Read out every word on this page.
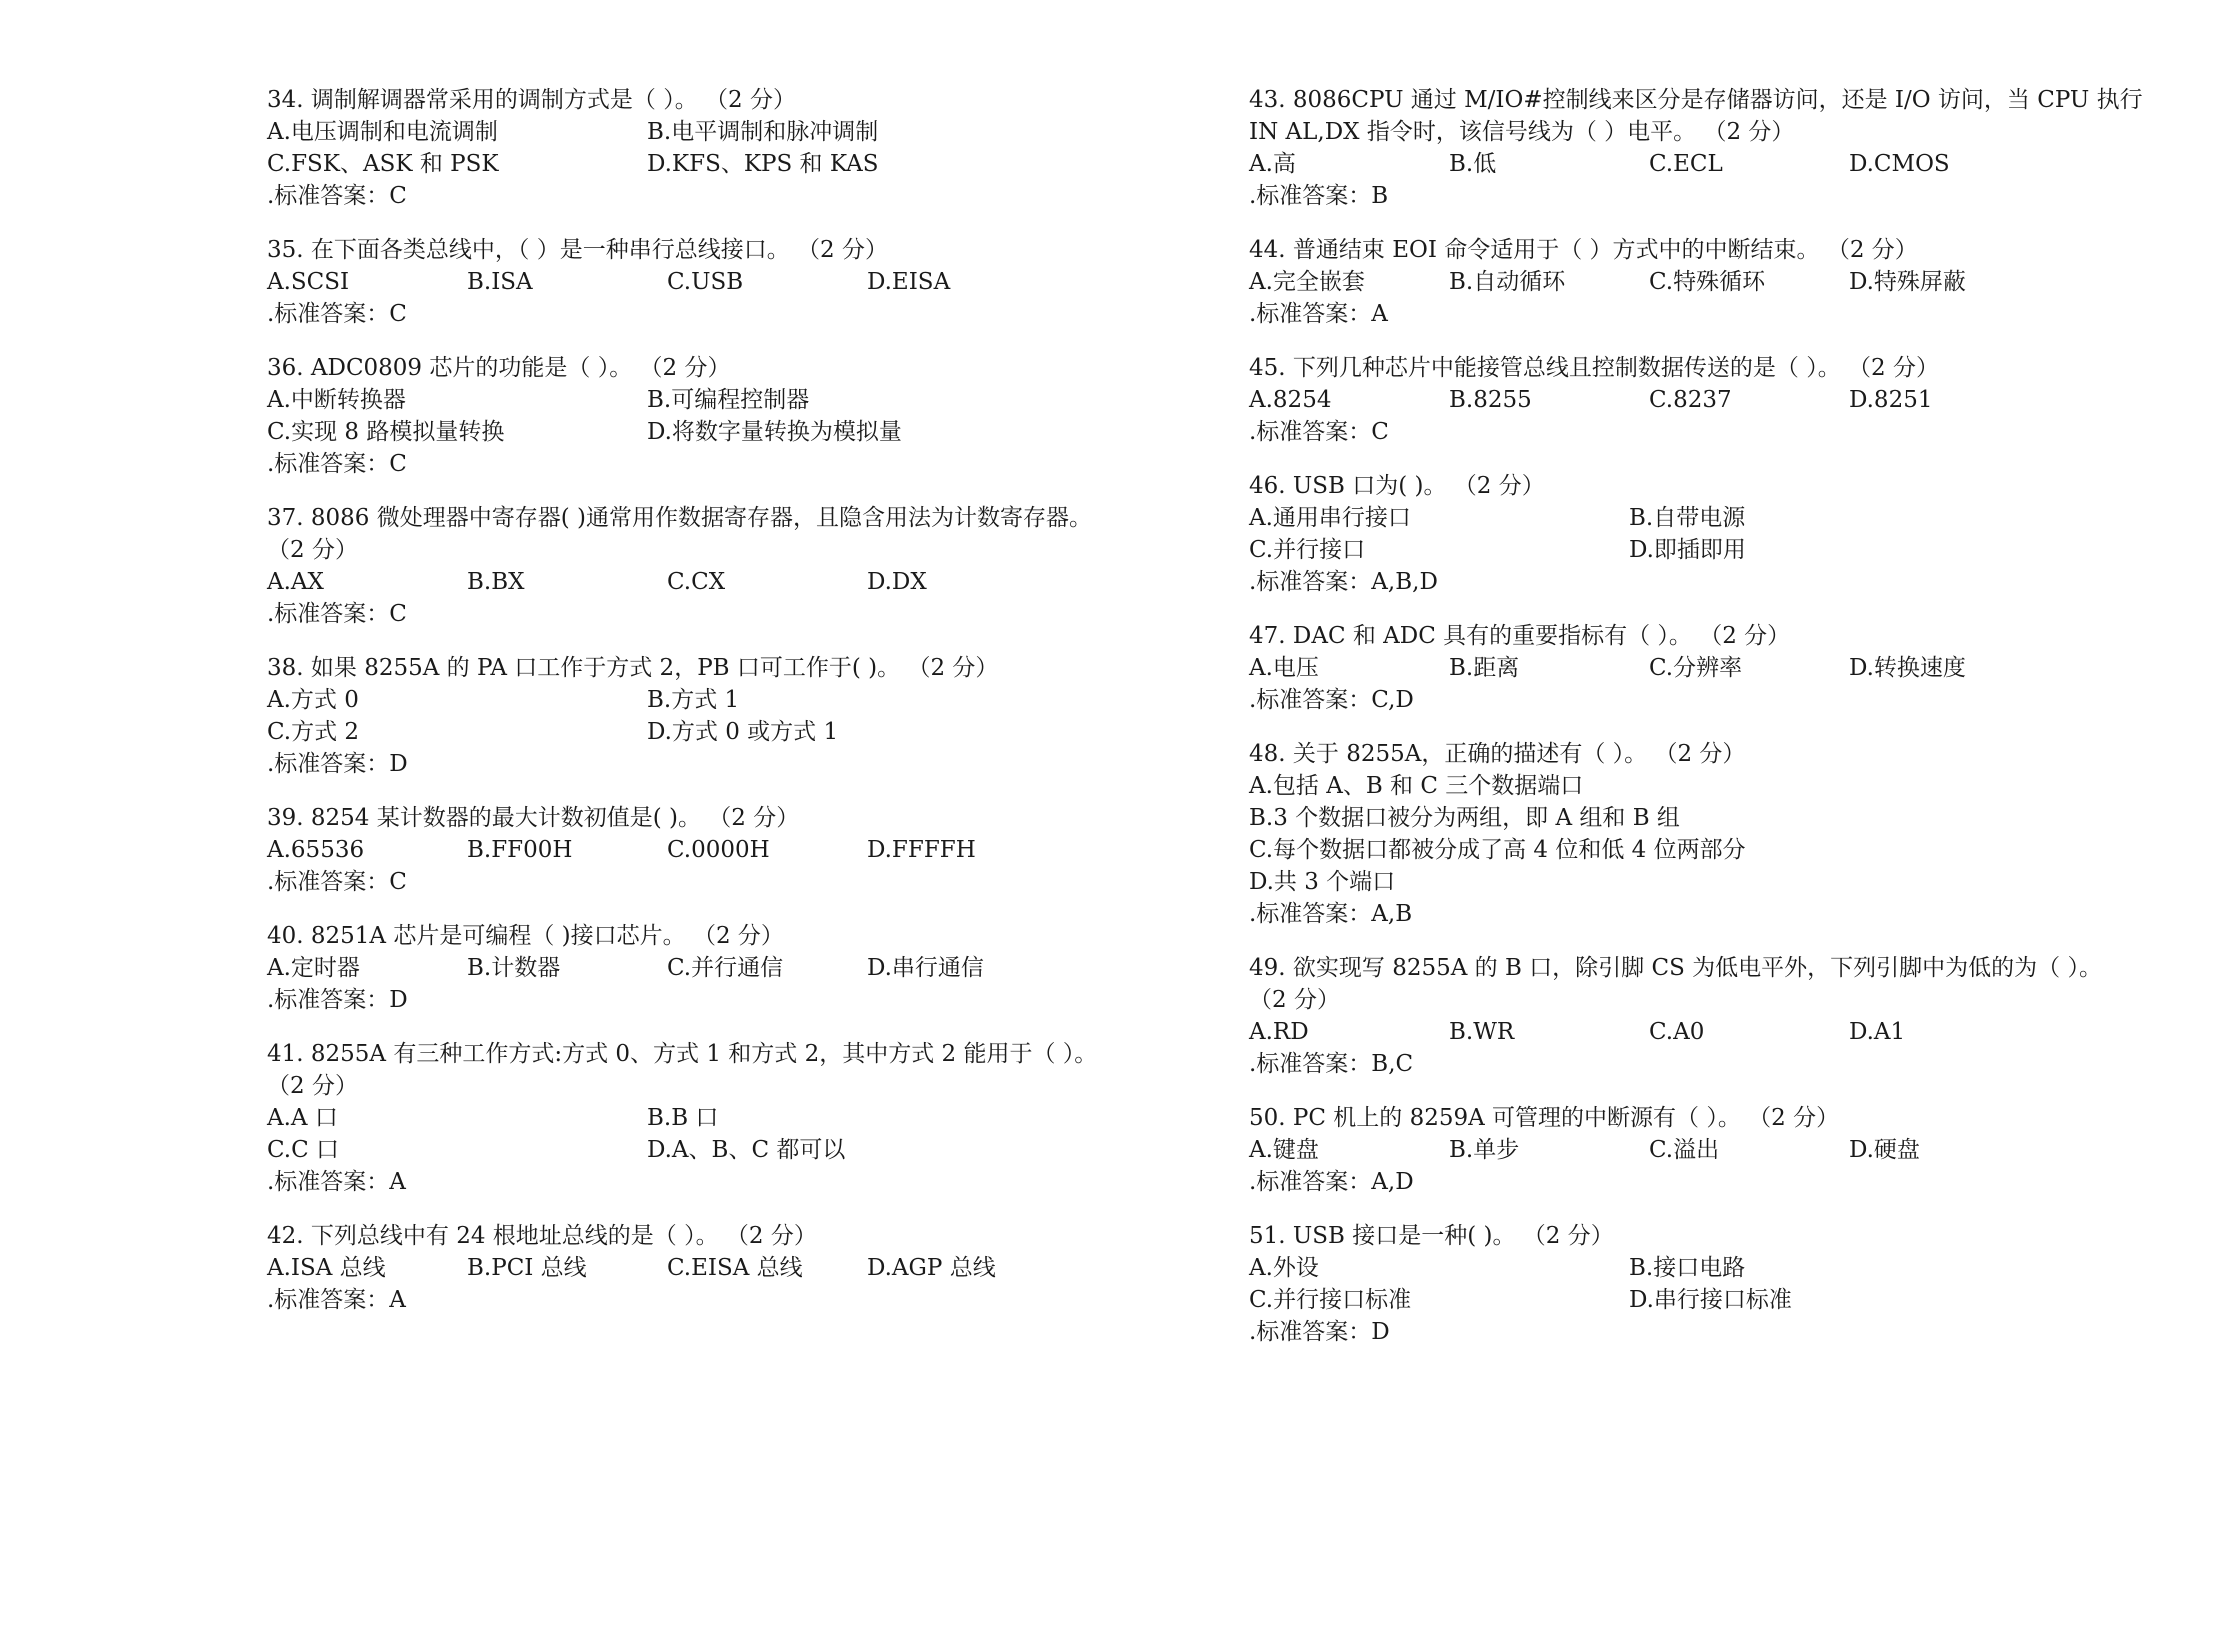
34. 调制解调器常采用的调制方式是（ ）。 （2 分）
A.电压调制和电流调制	B.电平调制和脉冲调制
C.FSK、ASK 和 PSK	D.KFS、KPS 和 KAS
.标准答案：C
35. 在下面各类总线中，（ ）是一种串行总线接口。 （2 分）
A.SCSI	B.ISA	C.USB	D.EISA
.标准答案：C
36. ADC0809 芯片的功能是（ ）。 （2 分）
A.中断转换器	B.可编程控制器
C.实现 8 路模拟量转换	D.将数字量转换为模拟量
.标准答案：C
37. 8086 微处理器中寄存器( )通常用作数据寄存器，且隐含用法为计数寄存器。
（2 分）
A.AX	B.BX	C.CX	D.DX
.标准答案：C
38. 如果 8255A 的 PA 口工作于方式 2，PB 口可工作于( )。 （2 分）
A.方式 0	B.方式 1
C.方式 2	D.方式 0 或方式 1
.标准答案：D
39. 8254 某计数器的最大计数初值是( )。 （2 分）
A.65536	B.FF00H	C.0000H	D.FFFFH
.标准答案：C
40. 8251A 芯片是可编程（ )接口芯片。 （2 分）
A.定时器	B.计数器	C.并行通信	D.串行通信
.标准答案：D
41. 8255A 有三种工作方式:方式 0、方式 1 和方式 2，其中方式 2 能用于（ ）。
（2 分）
A.A 口	B.B 口
C.C 口	D.A、B、C 都可以
.标准答案：A
42. 下列总线中有 24 根地址总线的是（ ）。 （2 分）
A.ISA 总线	B.PCI 总线	C.EISA 总线	D.AGP 总线
.标准答案：A
43. 8086CPU 通过 M/IO#控制线来区分是存储器访问，还是 I/O 访问，当 CPU 执行
IN AL,DX 指令时，该信号线为（ ）电平。 （2 分）
A.高	B.低	C.ECL	D.CMOS
.标准答案：B
44. 普通结束 EOI 命令适用于（ ）方式中的中断结束。 （2 分）
A.完全嵌套	B.自动循环	C.特殊循环	D.特殊屏蔽
.标准答案：A
45. 下列几种芯片中能接管总线且控制数据传送的是（ ）。 （2 分）
A.8254	B.8255	C.8237	D.8251
.标准答案：C
46. USB 口为( )。 （2 分）
A.通用串行接口	B.自带电源
C.并行接口	D.即插即用
.标准答案：A,B,D
47. DAC 和 ADC 具有的重要指标有（ ）。 （2 分）
A.电压	B.距离	C.分辨率	D.转换速度
.标准答案：C,D
48. 关于 8255A，正确的描述有（ ）。 （2 分）
A.包括 A、B 和 C 三个数据端口
B.3 个数据口被分为两组，即 A 组和 B 组
C.每个数据口都被分成了高 4 位和低 4 位两部分
D.共 3 个端口
.标准答案：A,B
49. 欲实现写 8255A 的 B 口，除引脚 CS 为低电平外，下列引脚中为低的为（ ）。
（2 分）
A.RD	B.WR	C.A0	D.A1
.标准答案：B,C
50. PC 机上的 8259A 可管理的中断源有（ ）。 （2 分）
A.键盘	B.单步	C.溢出	D.硬盘
.标准答案：A,D
51. USB 接口是一种( )。 （2 分）
A.外设	B.接口电路
C.并行接口标准	D.串行接口标准
.标准答案：D
